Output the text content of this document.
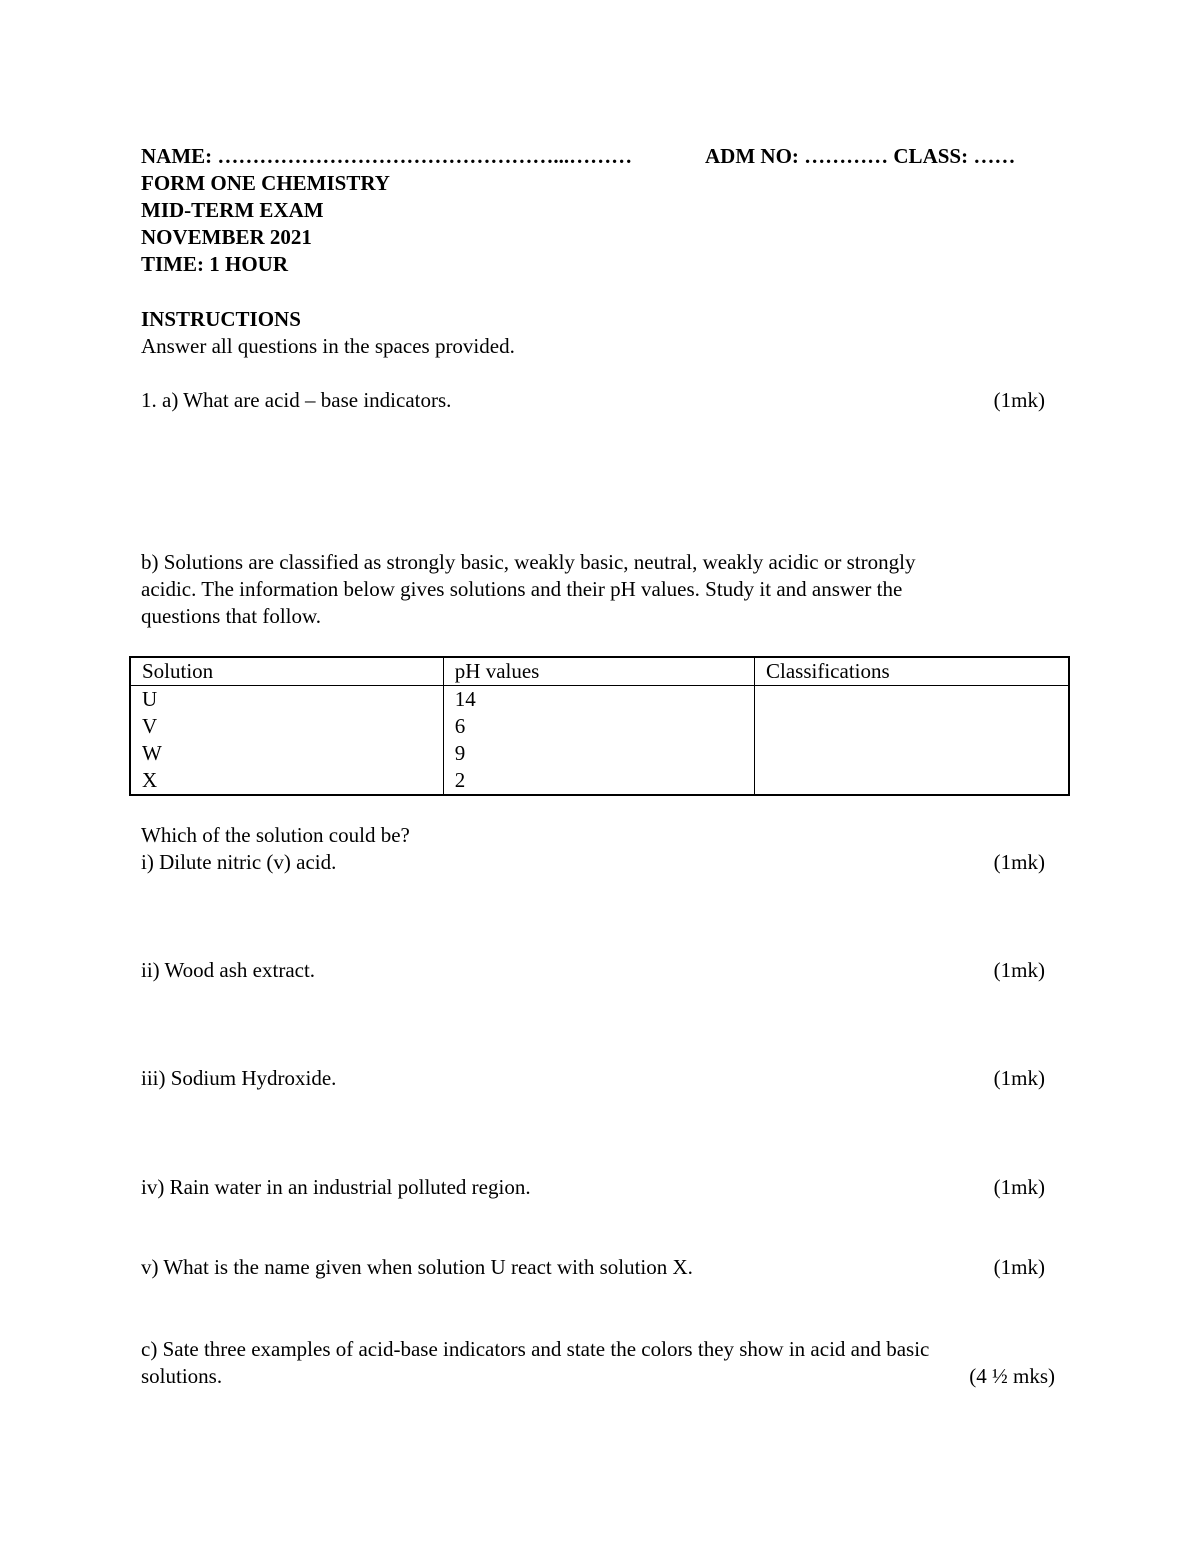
NAME: …………………………………………...………	ADM NO: ………… CLASS: ……
FORM ONE CHEMISTRY
MID-TERM EXAM
NOVEMBER 2021
TIME: 1 HOUR
INSTRUCTIONS
Answer all questions in the spaces provided.
1. a) What are acid – base indicators.	(1mk)
b) Solutions are classified as strongly basic, weakly basic, neutral, weakly acidic or strongly
acidic. The information below gives solutions and their pH values. Study it and answer the
questions that follow.
Solution	pH values	Classifications
U	14	
V	6	
W	9	
X	2	
Which of the solution could be?
i) Dilute nitric (v) acid.	(1mk)
ii) Wood ash extract.	(1mk)
iii) Sodium Hydroxide.	(1mk)
iv) Rain water in an industrial polluted region.	(1mk)
v) What is the name given when solution U react with solution X.	(1mk)
c) Sate three examples of acid-base indicators and state the colors they show in acid and basic
solutions.	(4 ½ mks)
